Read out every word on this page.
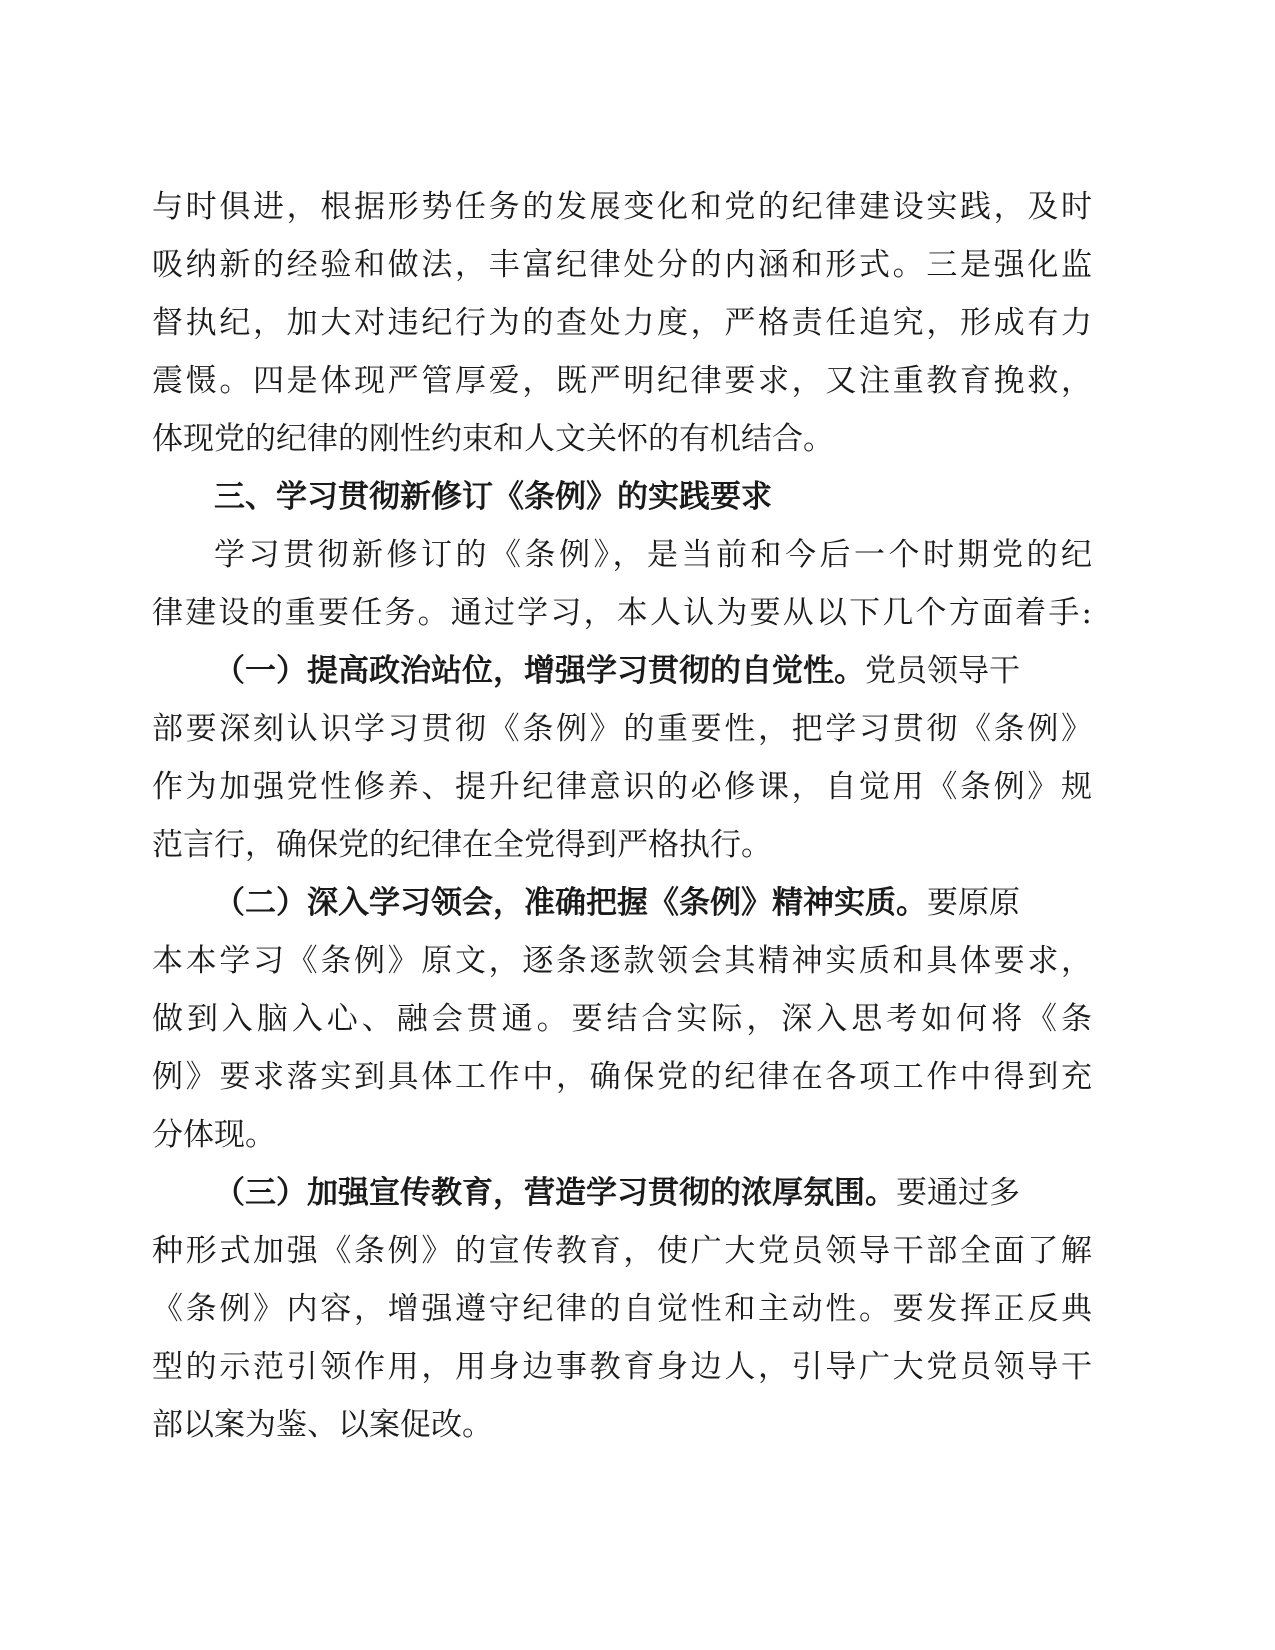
与时俱进，根据形势任务的发展变化和党的纪律建设实践，及时
吸纳新的经验和做法，丰富纪律处分的内涵和形式。三是强化监
督执纪，加大对违纪行为的查处力度，严格责任追究，形成有力
震慑。四是体现严管厚爱，既严明纪律要求，又注重教育挽救，
体现党的纪律的刚性约束和人文关怀的有机结合。
三、学习贯彻新修订《条例》的实践要求
学习贯彻新修订的《条例》，是当前和今后一个时期党的纪
律建设的重要任务。通过学习，本人认为要从以下几个方面着手:
（一）提高政治站位，增强学习贯彻的自觉性。党员领导干
部要深刻认识学习贯彻《条例》的重要性，把学习贯彻《条例》
作为加强党性修养、提升纪律意识的必修课，自觉用《条例》规
范言行，确保党的纪律在全党得到严格执行。
（二）深入学习领会，准确把握《条例》精神实质。要原原
本本学习《条例》原文，逐条逐款领会其精神实质和具体要求，
做到入脑入心、融会贯通。要结合实际，深入思考如何将《条
例》要求落实到具体工作中，确保党的纪律在各项工作中得到充
分体现。
（三）加强宣传教育，营造学习贯彻的浓厚氛围。要通过多
种形式加强《条例》的宣传教育，使广大党员领导干部全面了解
《条例》内容，增强遵守纪律的自觉性和主动性。要发挥正反典
型的示范引领作用，用身边事教育身边人，引导广大党员领导干
部以案为鉴、以案促改。
